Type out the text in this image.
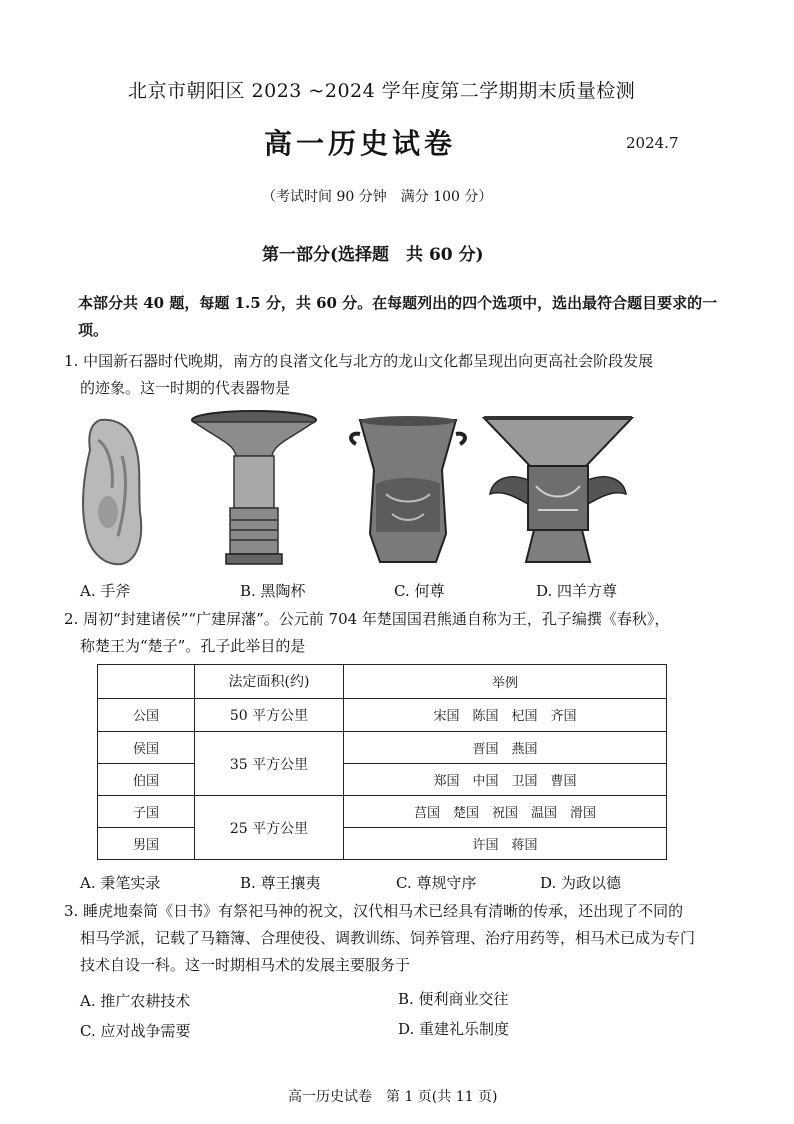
北京市朝阳区 2023 ~2024 学年度第二学期期末质量检测
高一历史试卷	2024.7
（考试时间 90 分钟　满分 100 分）
第一部分(选择题　共 60 分)
本部分共 40 题，每题 1.5 分，共 60 分。在每题列出的四个选项中，选出最符合题目要求的一项。
1. 中国新石器时代晚期，南方的良渚文化与北方的龙山文化都呈现出向更高社会阶段发展
的迹象。这一时期的代表器物是
A. 手斧	B. 黑陶杯	C. 何尊	D. 四羊方尊
2. 周初“封建诸侯”“广建屏藩”。公元前 704 年楚国国君熊通自称为王，孔子编撰《春秋》，
称楚王为“楚子”。孔子此举目的是
	法定面积(约)	举例
公国	50 平方公里	宋国　陈国　杞国　齐国
侯国	35 平方公里	晋国　燕国
伯国		郑国　中国　卫国　曹国
子国	25 平方公里	莒国　楚国　祝国　温国　滑国
男国		许国　蒋国
A. 秉笔实录	B. 尊王攘夷	C. 尊规守序	D. 为政以德
3. 睡虎地秦简《日书》有祭祀马神的祝文，汉代相马术已经具有清晰的传承，还出现了不同的
相马学派，记载了马籍簿、合理使役、调教训练、饲养管理、治疗用药等，相马术已成为专门
技术自设一科。这一时期相马术的发展主要服务于
A. 推广农耕技术	B. 便利商业交往
C. 应对战争需要	D. 重建礼乐制度
高一历史试卷　第 1 页(共 11 页)
